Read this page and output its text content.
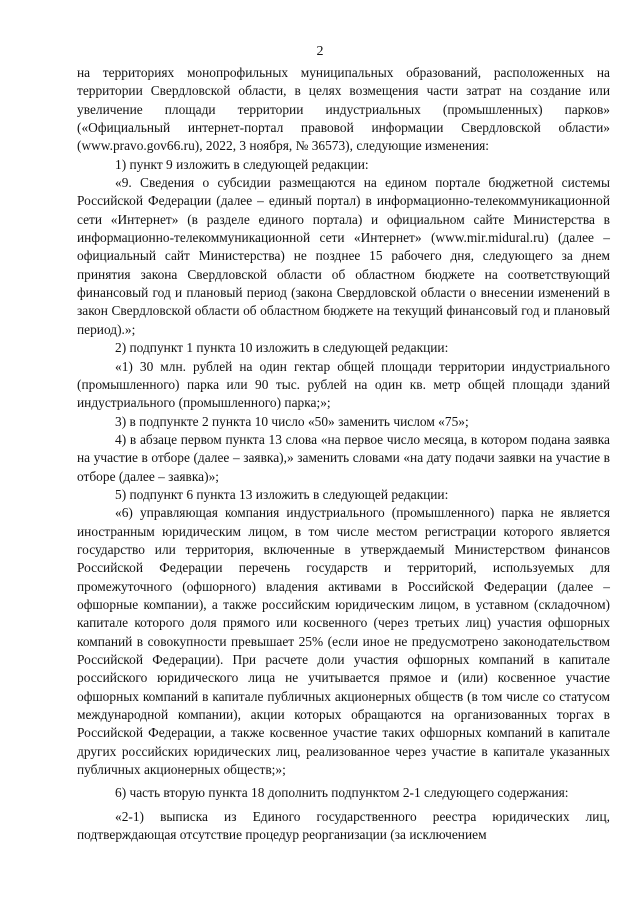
2

на территориях монопрофильных муниципальных образований, расположенных на территории Свердловской области, в целях возмещения части затрат на создание или увеличение площади территории индустриальных (промышленных) парков» («Официальный интернет-портал правовой информации Свердловской области» (www.pravo.gov66.ru), 2022, 3 ноября, № 36573), следующие изменения:

1) пункт 9 изложить в следующей редакции:

«9. Сведения о субсидии размещаются на едином портале бюджетной системы Российской Федерации (далее – единый портал) в информационно-телекоммуникационной сети «Интернет» (в разделе единого портала) и официальном сайте Министерства в информационно-телекоммуникационной сети «Интернет» (www.mir.midural.ru) (далее – официальный сайт Министерства) не позднее 15 рабочего дня, следующего за днем принятия закона Свердловской области об областном бюджете на соответствующий финансовый год и плановый период (закона Свердловской области о внесении изменений в закон Свердловской области об областном бюджете на текущий финансовый год и плановый период).»;

2) подпункт 1 пункта 10 изложить в следующей редакции:

«1) 30 млн. рублей на один гектар общей площади территории индустриального (промышленного) парка или 90 тыс. рублей на один кв. метр общей площади зданий индустриального (промышленного) парка;»;

3) в подпункте 2 пункта 10 число «50» заменить числом «75»;

4) в абзаце первом пункта 13 слова «на первое число месяца, в котором подана заявка на участие в отборе (далее – заявка),» заменить словами «на дату подачи заявки на участие в отборе (далее – заявка)»;

5) подпункт 6 пункта 13 изложить в следующей редакции:

«6) управляющая компания индустриального (промышленного) парка не является иностранным юридическим лицом, в том числе местом регистрации которого является государство или территория, включенные в утверждаемый Министерством финансов Российской Федерации перечень государств и территорий, используемых для промежуточного (офшорного) владения активами в Российской Федерации (далее – офшорные компании), а также российским юридическим лицом, в уставном (складочном) капитале которого доля прямого или косвенного (через третьих лиц) участия офшорных компаний в совокупности превышает 25% (если иное не предусмотрено законодательством Российской Федерации). При расчете доли участия офшорных компаний в капитале российского юридического лица не учитывается прямое и (или) косвенное участие офшорных компаний в капитале публичных акционерных обществ (в том числе со статусом международной компании), акции которых обращаются на организованных торгах в Российской Федерации, а также косвенное участие таких офшорных компаний в капитале других российских юридических лиц, реализованное через участие в капитале указанных публичных акционерных обществ;»;

6) часть вторую пункта 18 дополнить подпунктом 2-1 следующего содержания:

«2-1) выписка из Единого государственного реестра юридических лиц, подтверждающая отсутствие процедур реорганизации (за исключением
